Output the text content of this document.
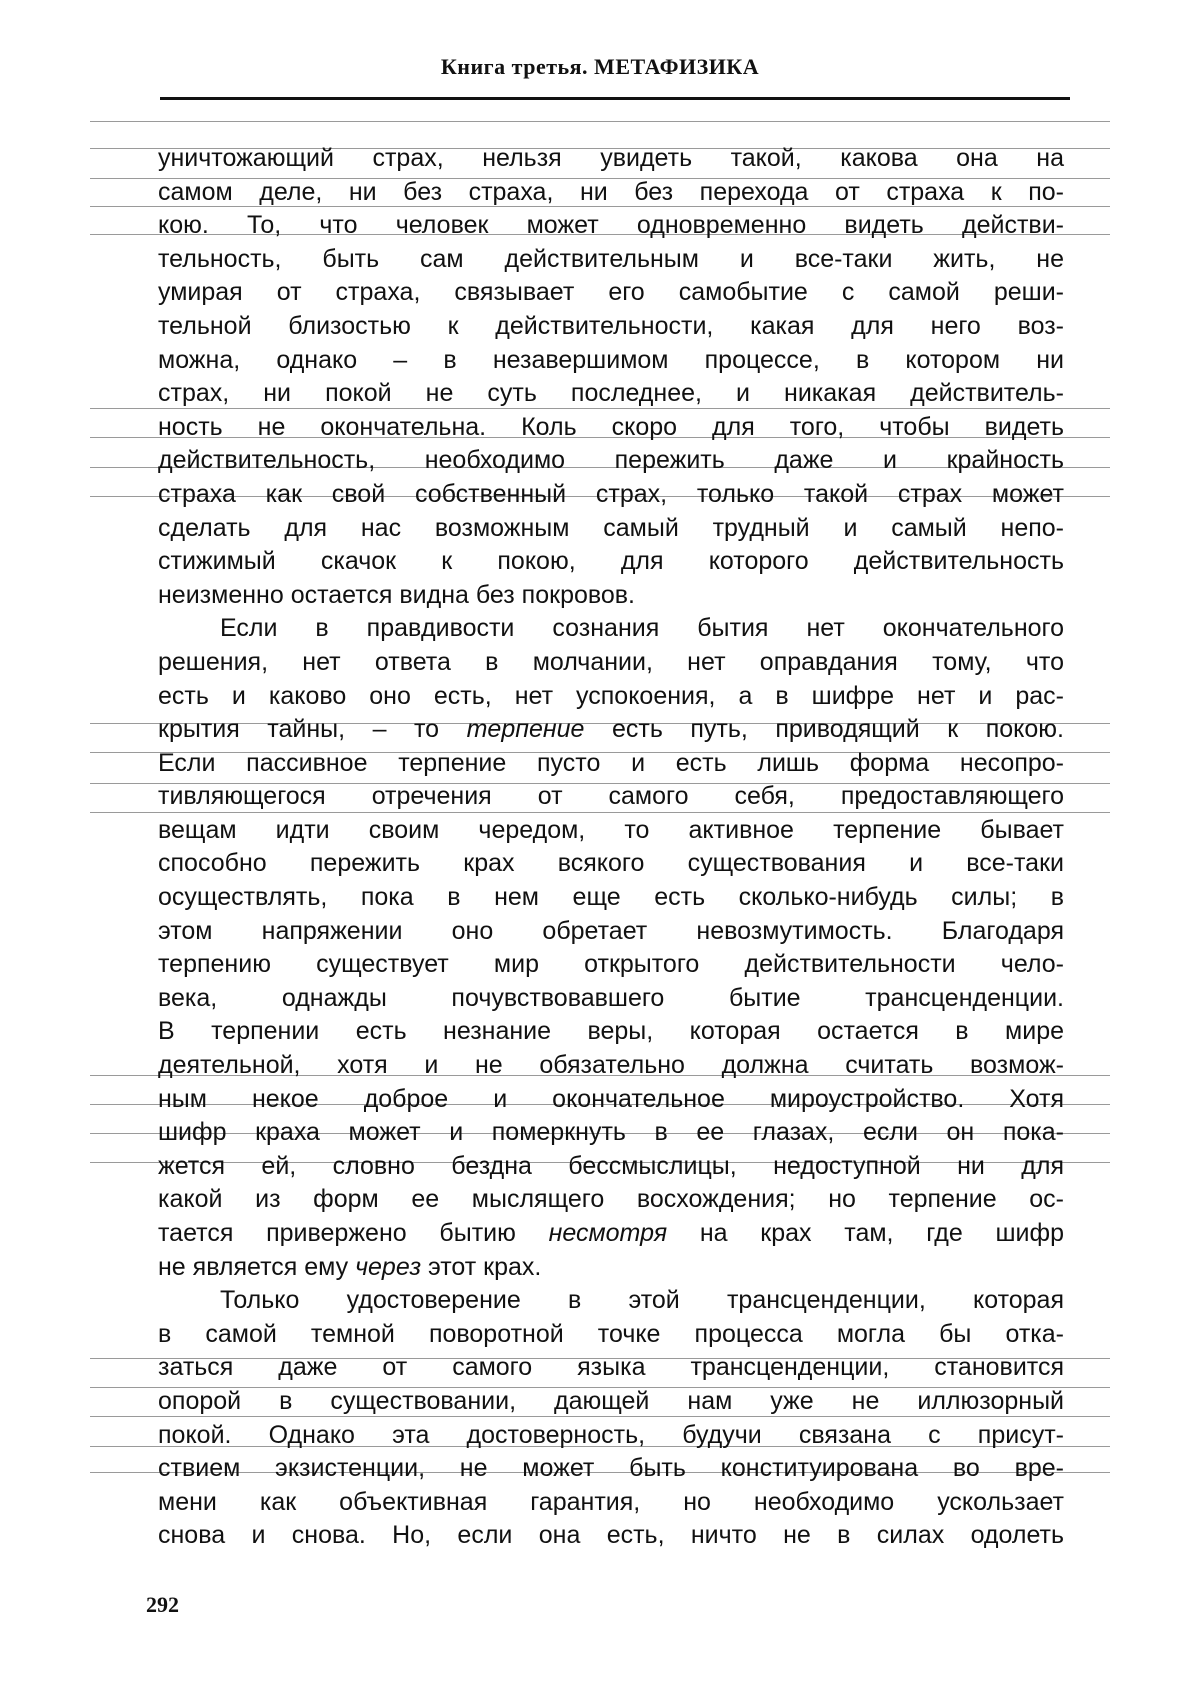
Книга третья. МЕТАФИЗИКА
уничтожающий страх, нельзя увидеть такой, какова она на
самом деле, ни без страха, ни без перехода от страха к по-
кою. То, что человек может одновременно видеть действи-
тельность, быть сам действительным и все-таки жить, не
умирая от страха, связывает его самобытие с самой реши-
тельной близостью к действительности, какая для него воз-
можна, однако – в незавершимом процессе, в котором ни
страх, ни покой не суть последнее, и никакая действитель-
ность не окончательна. Коль скоро для того, чтобы видеть
действительность, необходимо пережить даже и крайность
страха как свой собственный страх, только такой страх может
сделать для нас возможным самый трудный и самый непо-
стижимый скачок к покою, для которого действительность
неизменно остается видна без покровов.
Если в правдивости сознания бытия нет окончательного
решения, нет ответа в молчании, нет оправдания тому, что
есть и каково оно есть, нет успокоения, а в шифре нет и рас-
крытия тайны, – то терпение есть путь, приводящий к покою.
Если пассивное терпение пусто и есть лишь форма несопро-
тивляющегося отречения от самого себя, предоставляющего
вещам идти своим чередом, то активное терпение бывает
способно пережить крах всякого существования и все-таки
осуществлять, пока в нем еще есть сколько-нибудь силы; в
этом напряжении оно обретает невозмутимость. Благодаря
терпению существует мир открытого действительности чело-
века, однажды почувствовавшего бытие трансценденции.
В терпении есть незнание веры, которая остается в мире
деятельной, хотя и не обязательно должна считать возмож-
ным некое доброе и окончательное мироустройство. Хотя
шифр краха может и померкнуть в ее глазах, если он пока-
жется ей, словно бездна бессмыслицы, недоступной ни для
какой из форм ее мыслящего восхождения; но терпение ос-
тается привержено бытию несмотря на крах там, где шифр
не является ему через этот крах.
Только удостоверение в этой трансценденции, которая
в самой темной поворотной точке процесса могла бы отка-
заться даже от самого языка трансценденции, становится
опорой в существовании, дающей нам уже не иллюзорный
покой. Однако эта достоверность, будучи связана с присут-
ствием экзистенции, не может быть конституирована во вре-
мени как объективная гарантия, но необходимо ускользает
снова и снова. Но, если она есть, ничто не в силах одолеть
292
